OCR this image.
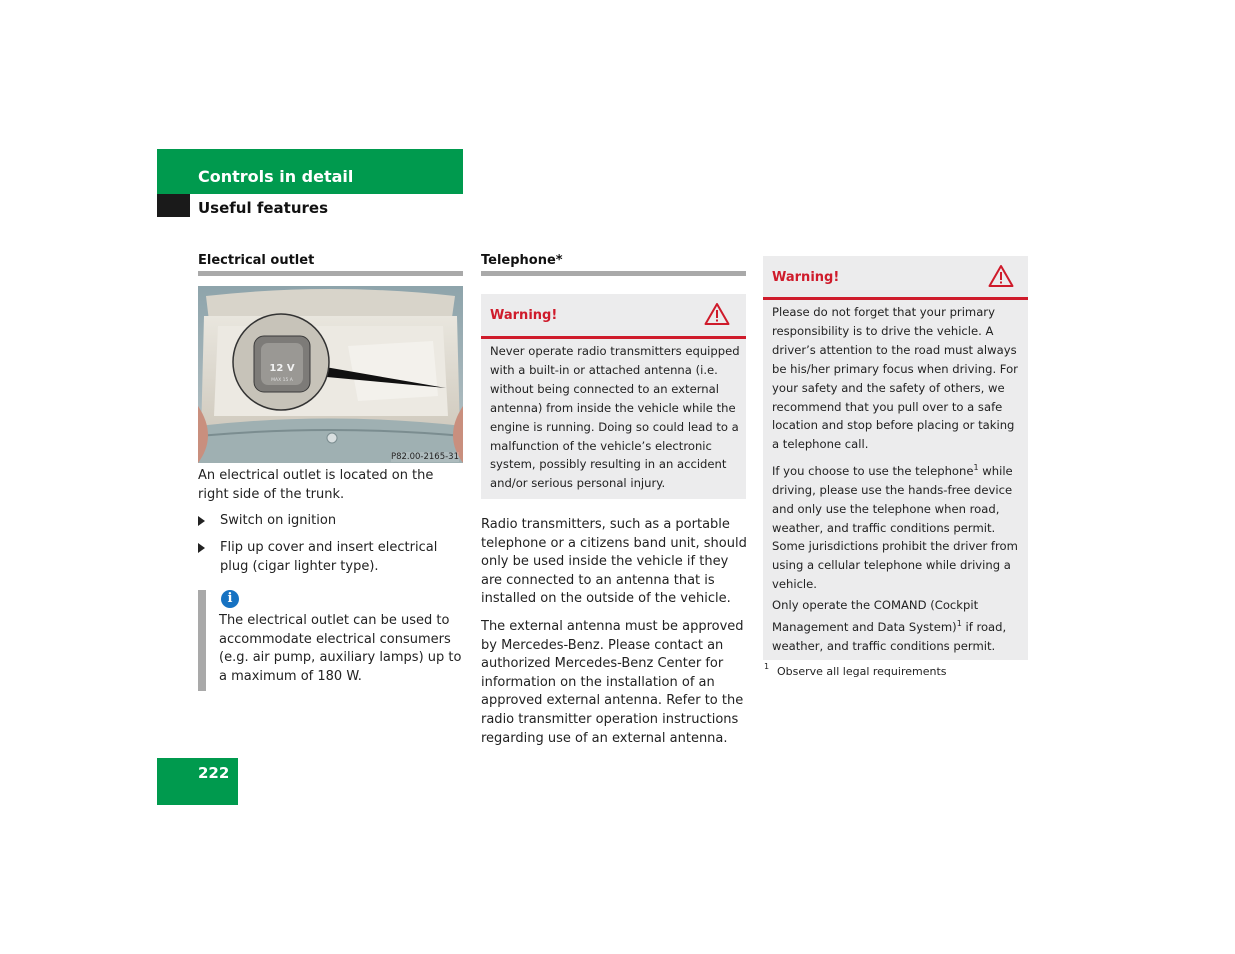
Controls in detail
Useful features
Electrical outlet
12 V
MAX 15 A
P82.00-2165-31
An electrical outlet is located on the right side of the trunk.
Switch on ignition
Flip up cover and insert electrical plug (cigar lighter type).
i
The electrical outlet can be used to accommodate electrical consumers (e.g. air pump, auxiliary lamps) up to a maximum of 180 W.
Telephone*
Warning!
Never operate radio transmitters equipped with a built-in or attached antenna (i.e. without being connected to an external antenna) from inside the vehicle while the engine is running. Doing so could lead to a malfunction of the vehicle’s electronic system, possibly resulting in an accident and/or serious personal injury.
Radio transmitters, such as a portable telephone or a citizens band unit, should only be used inside the vehicle if they are connected to an antenna that is installed on the outside of the vehicle.
The external antenna must be approved by Mercedes-Benz. Please contact an authorized Mercedes-Benz Center for information on the installation of an approved external antenna. Refer to the radio transmitter operation instructions regarding use of an external antenna.
Warning!
Please do not forget that your primary responsibility is to drive the vehicle. A driver’s attention to the road must always be his/her primary focus when driving. For your safety and the safety of others, we recommend that you pull over to a safe location and stop before placing or taking a telephone call.
If you choose to use the telephone$^1$ while driving, please use the hands-free device and only use the telephone when road, weather, and traffic conditions permit. Some jurisdictions prohibit the driver from using a cellular telephone while driving a vehicle.
Only operate the COMAND (Cockpit Management and Data System)$^1$ if road, weather, and traffic conditions permit.
1 Observe all legal requirements
222
